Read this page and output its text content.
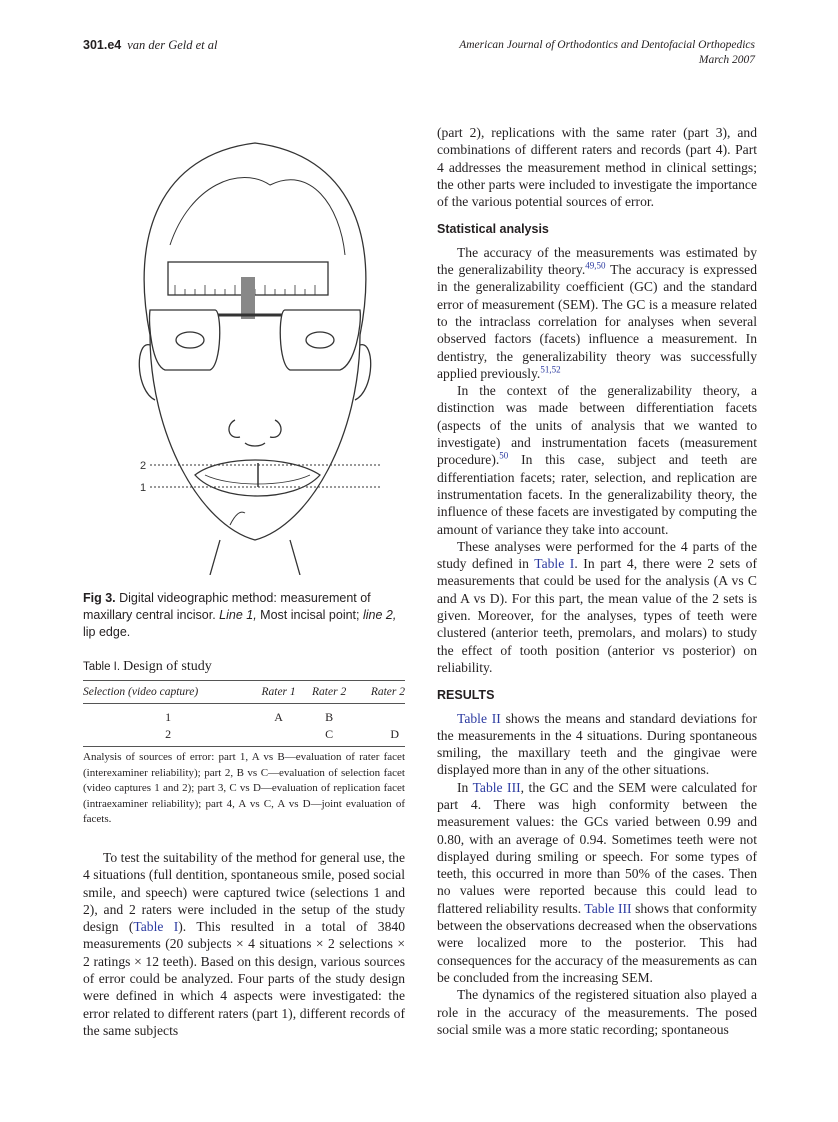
301.e4 van der Geld et al	American Journal of Orthodontics and Dentofacial Orthopedics
March 2007
2
1
Fig 3. Digital videographic method: measurement of maxillary central incisor. Line 1, Most incisal point; line 2, lip edge.
Table I. Design of study
Selection (video capture)	Rater 1	Rater 2	Rater 2
1	A	B	
2		C	D
Analysis of sources of error: part 1, A vs B—evaluation of rater facet (interexaminer reliability); part 2, B vs C—evaluation of selection facet (video captures 1 and 2); part 3, C vs D—evaluation of replication facet (intraexaminer reliability); part 4, A vs C, A vs D—joint evaluation of facets.

To test the suitability of the method for general use, the 4 situations (full dentition, spontaneous smile, posed social smile, and speech) were captured twice (selections 1 and 2), and 2 raters were included in the setup of the study design (Table I). This resulted in a total of 3840 measurements (20 subjects × 4 situations × 2 selections × 2 ratings × 12 teeth). Based on this design, various sources of error could be analyzed. Four parts of the study design were defined in which 4 aspects were investigated: the error related to different raters (part 1), different records of the same subjects

(part 2), replications with the same rater (part 3), and combinations of different raters and records (part 4). Part 4 addresses the measurement method in clinical settings; the other parts were included to investigate the importance of the various potential sources of error.

Statistical analysis

The accuracy of the measurements was estimated by the generalizability theory.$^{49,50}$ The accuracy is expressed in the generalizability coefficient (GC) and the standard error of measurement (SEM). The GC is a measure related to the intraclass correlation for analyses when several observed factors (facets) influence a measurement. In dentistry, the generalizability theory was successfully applied previously.$^{51,52}$

In the context of the generalizability theory, a distinction was made between differentiation facets (aspects of the units of analysis that we wanted to investigate) and instrumentation facets (measurement procedure).$^{50}$ In this case, subject and teeth are differentiation facets; rater, selection, and replication are instrumentation facets. In the generalizability theory, the influence of these facets are investigated by computing the amount of variance they take into account.

These analyses were performed for the 4 parts of the study defined in Table I. In part 4, there were 2 sets of measurements that could be used for the analysis (A vs C and A vs D). For this part, the mean value of the 2 sets is given. Moreover, for the analyses, types of teeth were clustered (anterior teeth, premolars, and molars) to study the effect of tooth position (anterior vs posterior) on reliability.

RESULTS

Table II shows the means and standard deviations for the measurements in the 4 situations. During spontaneous smiling, the maxillary teeth and the gingivae were displayed more than in any of the other situations.

In Table III, the GC and the SEM were calculated for part 4. There was high conformity between the measurement values: the GCs varied between 0.99 and 0.80, with an average of 0.94. Sometimes teeth were not displayed during smiling or speech. For some types of teeth, this occurred in more than 50% of the cases. Then no values were reported because this could lead to flattered reliability results. Table III shows that conformity between the observations decreased when the observations were localized more to the posterior. This had consequences for the accuracy of the measurements as can be concluded from the increasing SEM.

The dynamics of the registered situation also played a role in the accuracy of the measurements. The posed social smile was a more static recording; spontaneous
